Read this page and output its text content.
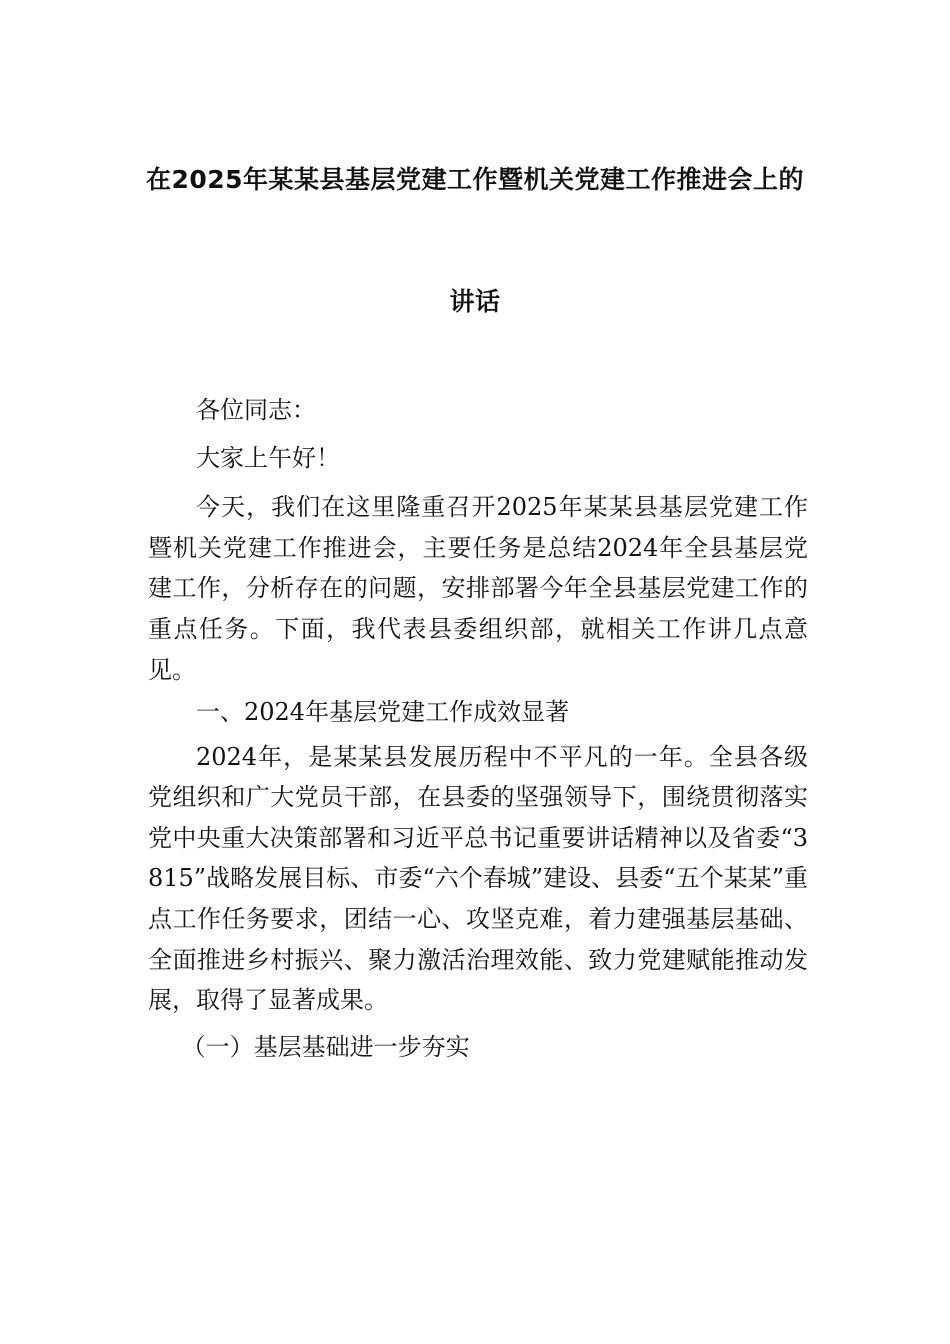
在2025年某某县基层党建工作暨机关党建工作推进会上的
讲话

各位同志：

大家上午好！

今天，我们在这里隆重召开2025年某某县基层党建工作暨机关党建工作推进会，主要任务是总结2024年全县基层党建工作，分析存在的问题，安排部署今年全县基层党建工作的重点任务。下面，我代表县委组织部，就相关工作讲几点意见。

一、2024年基层党建工作成效显著

2024年，是某某县发展历程中不平凡的一年。全县各级党组织和广大党员干部，在县委的坚强领导下，围绕贯彻落实党中央重大决策部署和习近平总书记重要讲话精神以及省委“3815”战略发展目标、市委“六个春城”建设、县委“五个某某”重点工作任务要求，团结一心、攻坚克难，着力建强基层基础、全面推进乡村振兴、聚力激活治理效能、致力党建赋能推动发展，取得了显著成果。

（一）基层基础进一步夯实
